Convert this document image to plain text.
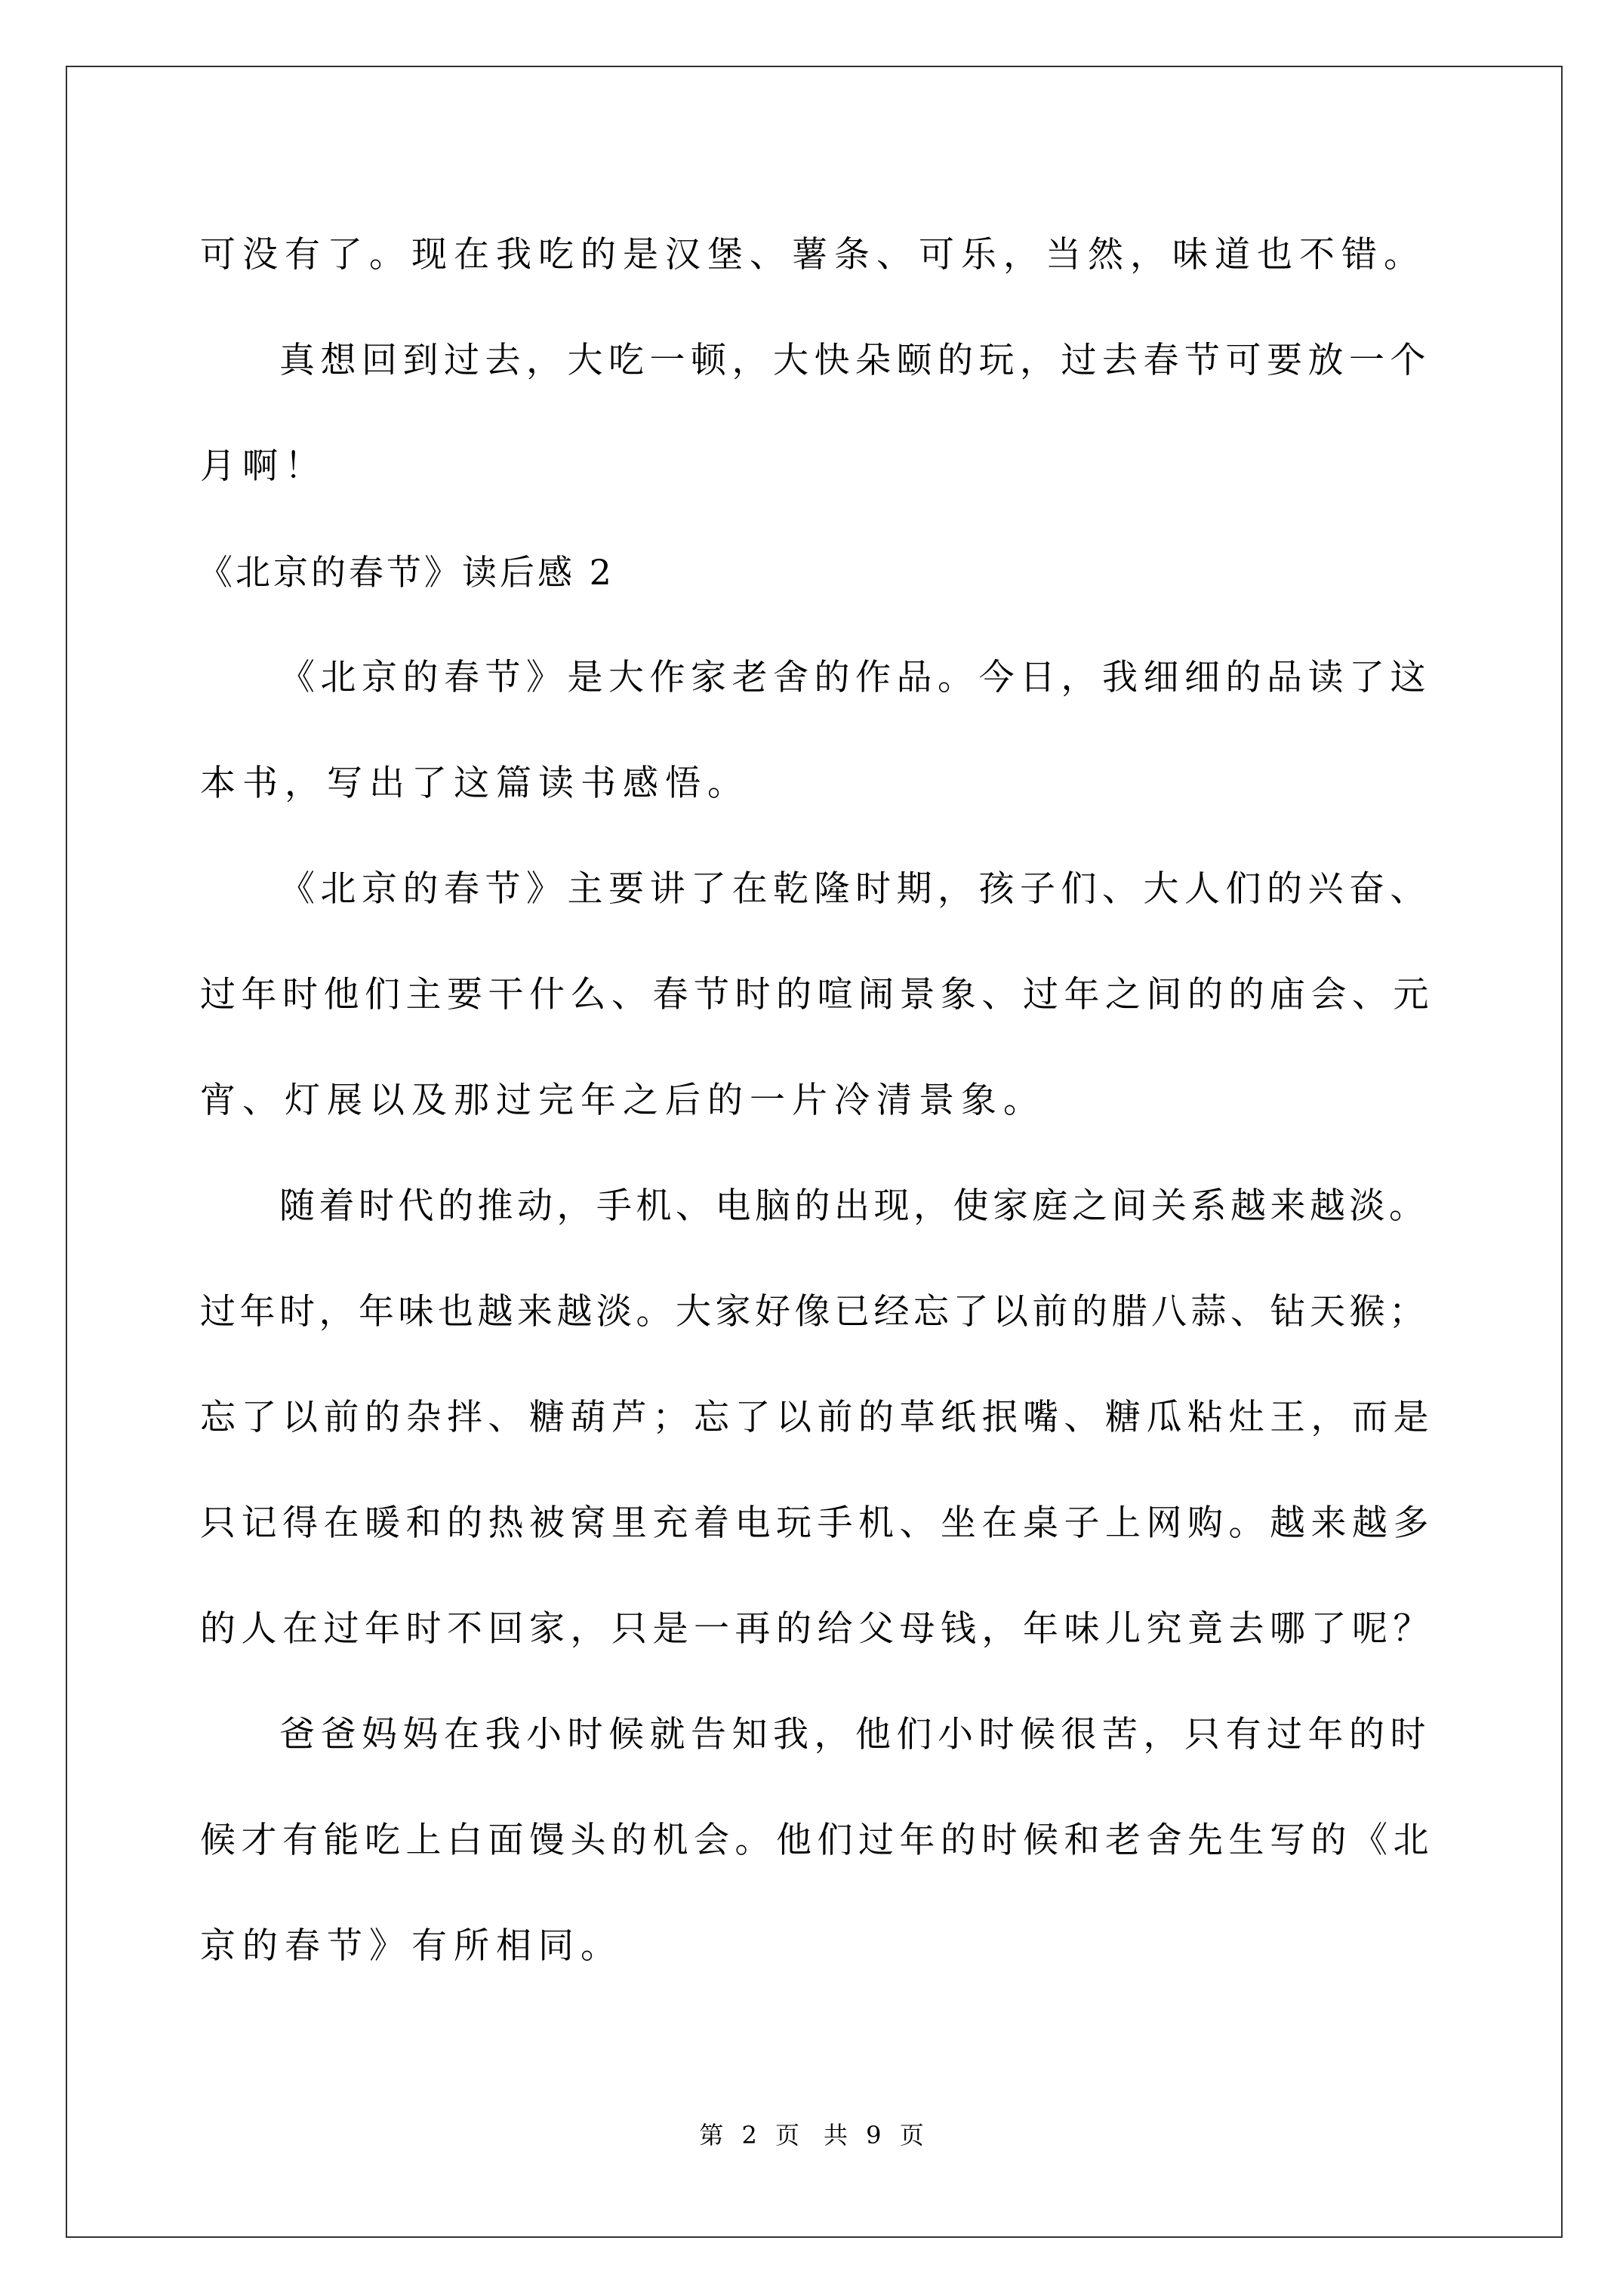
可没有了。现在我吃的是汉堡、薯条、可乐，当然，味道也不错。
真想回到过去，大吃一顿，大快朵颐的玩，过去春节可要放一个
月啊！
《北京的春节》读后感 2
《北京的春节》是大作家老舍的作品。今日，我细细的品读了这
本书，写出了这篇读书感悟。
《北京的春节》主要讲了在乾隆时期，孩子们、大人们的兴奋、
过年时他们主要干什么、春节时的喧闹景象、过年之间的的庙会、元
宵、灯展以及那过完年之后的一片冷清景象。
随着时代的推动，手机、电脑的出现，使家庭之间关系越来越淡。
过年时，年味也越来越淡。大家好像已经忘了以前的腊八蒜、钻天猴；
忘了以前的杂拌、糖葫芦；忘了以前的草纸抿嘴、糖瓜粘灶王，而是
只记得在暖和的热被窝里充着电玩手机、坐在桌子上网购。越来越多
的人在过年时不回家，只是一再的给父母钱，年味儿究竟去哪了呢？
爸爸妈妈在我小时候就告知我，他们小时候很苦，只有过年的时
候才有能吃上白面馒头的机会。他们过年的时候和老舍先生写的《北
京的春节》有所相同。
第 2 页　共 9 页
